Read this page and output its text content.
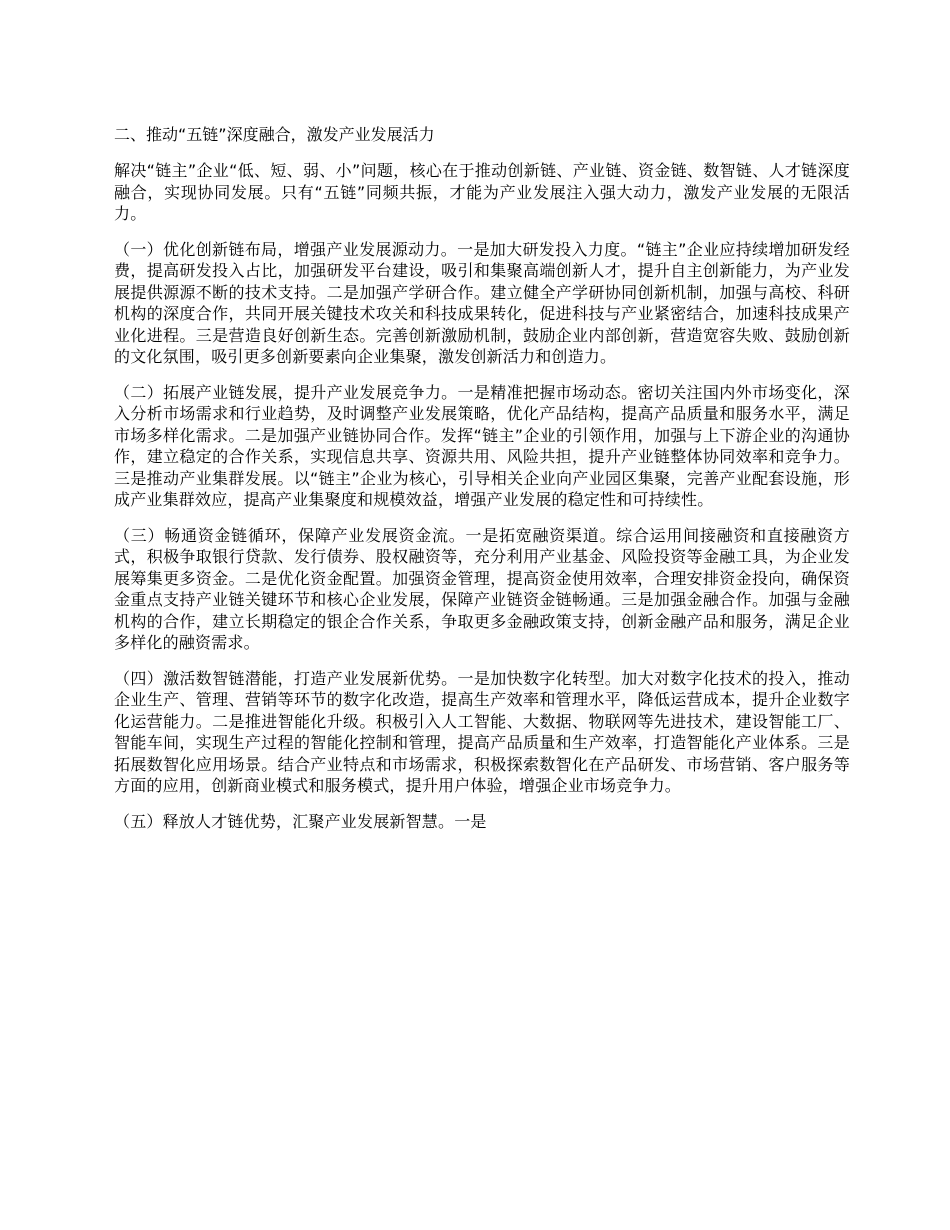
二、推动“五链”深度融合，激发产业发展活力

解决“链主”企业“低、短、弱、小”问题，核心在于推动创新链、产业链、资金链、数智链、人才链深度融合，实现协同发展。只有“五链”同频共振，才能为产业发展注入强大动力，激发产业发展的无限活力。

（一）优化创新链布局，增强产业发展源动力。一是加大研发投入力度。“链主”企业应持续增加研发经费，提高研发投入占比，加强研发平台建设，吸引和集聚高端创新人才，提升自主创新能力，为产业发展提供源源不断的技术支持。二是加强产学研合作。建立健全产学研协同创新机制，加强与高校、科研机构的深度合作，共同开展关键技术攻关和科技成果转化，促进科技与产业紧密结合，加速科技成果产业化进程。三是营造良好创新生态。完善创新激励机制，鼓励企业内部创新，营造宽容失败、鼓励创新的文化氛围，吸引更多创新要素向企业集聚，激发创新活力和创造力。

（二）拓展产业链发展，提升产业发展竞争力。一是精准把握市场动态。密切关注国内外市场变化，深入分析市场需求和行业趋势，及时调整产业发展策略，优化产品结构，提高产品质量和服务水平，满足市场多样化需求。二是加强产业链协同合作。发挥“链主”企业的引领作用，加强与上下游企业的沟通协作，建立稳定的合作关系，实现信息共享、资源共用、风险共担，提升产业链整体协同效率和竞争力。三是推动产业集群发展。以“链主”企业为核心，引导相关企业向产业园区集聚，完善产业配套设施，形成产业集群效应，提高产业集聚度和规模效益，增强产业发展的稳定性和可持续性。

（三）畅通资金链循环，保障产业发展资金流。一是拓宽融资渠道。综合运用间接融资和直接融资方式，积极争取银行贷款、发行债券、股权融资等，充分利用产业基金、风险投资等金融工具，为企业发展筹集更多资金。二是优化资金配置。加强资金管理，提高资金使用效率，合理安排资金投向，确保资金重点支持产业链关键环节和核心企业发展，保障产业链资金链畅通。三是加强金融合作。加强与金融机构的合作，建立长期稳定的银企合作关系，争取更多金融政策支持，创新金融产品和服务，满足企业多样化的融资需求。

（四）激活数智链潜能，打造产业发展新优势。一是加快数字化转型。加大对数字化技术的投入，推动企业生产、管理、营销等环节的数字化改造，提高生产效率和管理水平，降低运营成本，提升企业数字化运营能力。二是推进智能化升级。积极引入人工智能、大数据、物联网等先进技术，建设智能工厂、智能车间，实现生产过程的智能化控制和管理，提高产品质量和生产效率，打造智能化产业体系。三是拓展数智化应用场景。结合产业特点和市场需求，积极探索数智化在产品研发、市场营销、客户服务等方面的应用，创新商业模式和服务模式，提升用户体验，增强企业市场竞争力。

（五）释放人才链优势，汇聚产业发展新智慧。一是
